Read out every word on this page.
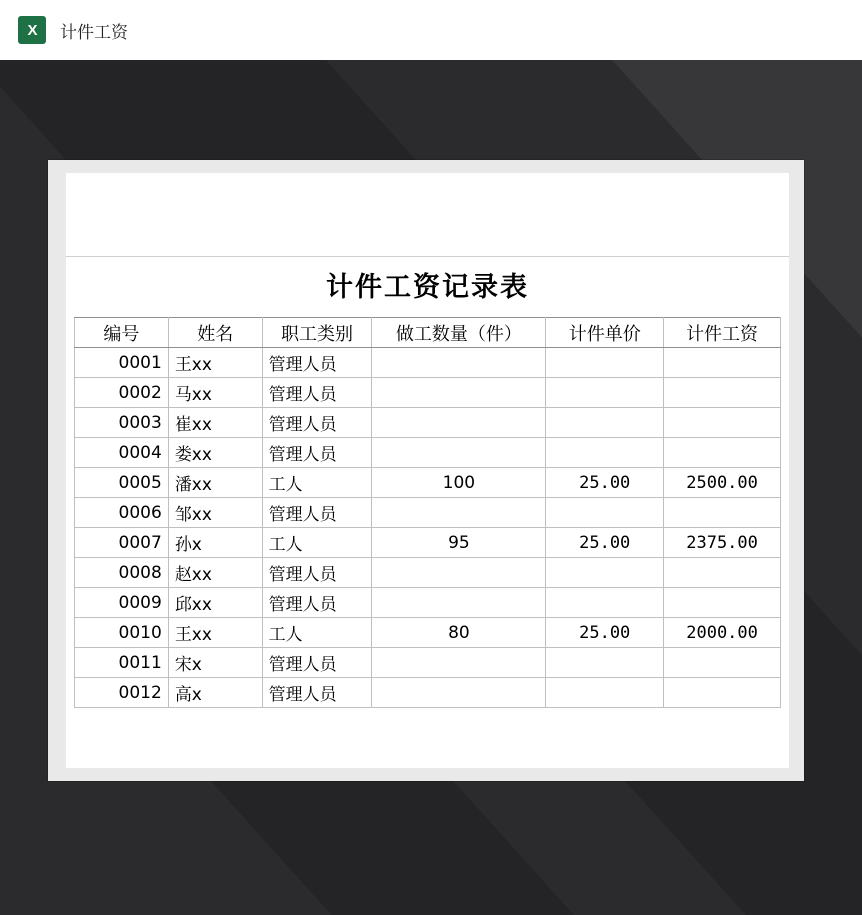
X 计件工资
计件工资记录表
编号	姓名	职工类别	做工数量（件）	计件单价	计件工资
0001	王xx	管理人员			
0002	马xx	管理人员			
0003	崔xx	管理人员			
0004	娄xx	管理人员			
0005	潘xx	工人	100	25.00	2500.00
0006	邹xx	管理人员			
0007	孙x	工人	95	25.00	2375.00
0008	赵xx	管理人员			
0009	邱xx	管理人员			
0010	王xx	工人	80	25.00	2000.00
0011	宋x	管理人员			
0012	高x	管理人员			
